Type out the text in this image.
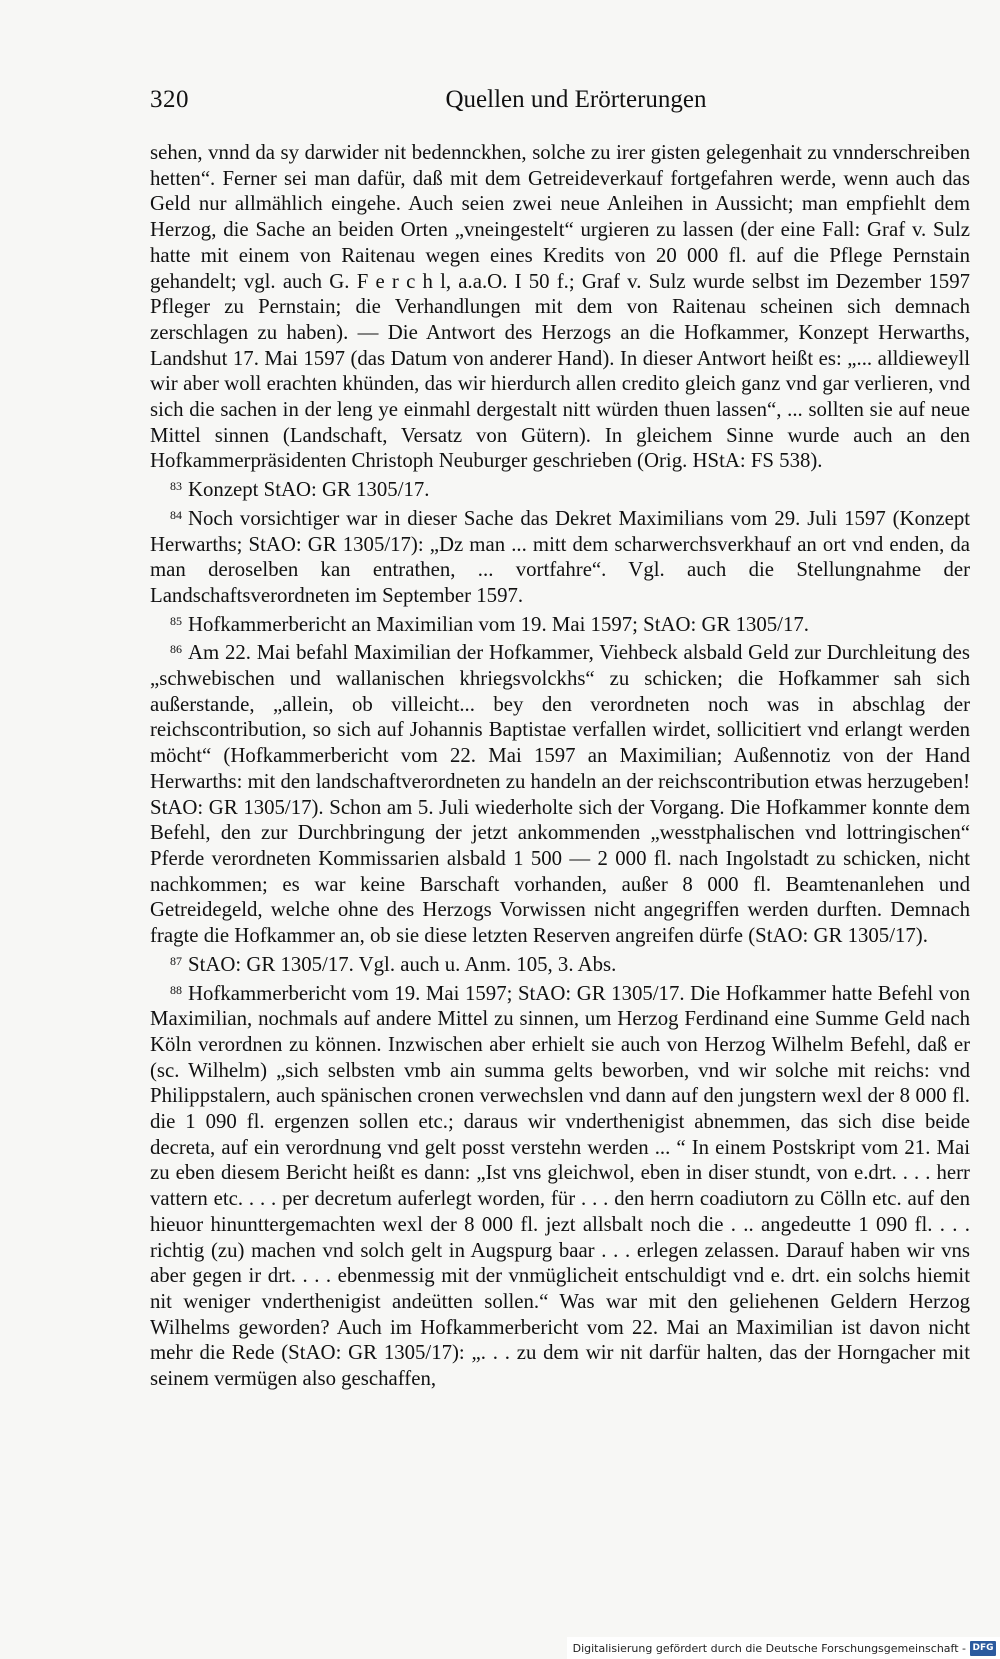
320	Quellen und Erörterungen

sehen, vnnd da sy darwider nit bedennckhen, solche zu irer gisten gelegenhait zu vnnderschreiben hetten“. Ferner sei man dafür, daß mit dem Getreideverkauf fortgefahren werde, wenn auch das Geld nur allmählich eingehe. Auch seien zwei neue Anleihen in Aussicht; man empfiehlt dem Herzog, die Sache an beiden Orten „vneingestelt“ urgieren zu lassen (der eine Fall: Graf v. Sulz hatte mit einem von Raitenau wegen eines Kredits von 20 000 fl. auf die Pflege Pernstain gehandelt; vgl. auch G. F e r c h l, a.a.O. I 50 f.; Graf v. Sulz wurde selbst im Dezember 1597 Pfleger zu Pernstain; die Verhandlungen mit dem von Raitenau scheinen sich demnach zerschlagen zu haben). — Die Antwort des Herzogs an die Hofkammer, Konzept Herwarths, Landshut 17. Mai 1597 (das Datum von anderer Hand). In dieser Antwort heißt es: „... alldieweyll wir aber woll erachten khünden, das wir hierdurch allen credito gleich ganz vnd gar verlieren, vnd sich die sachen in der leng ye einmahl dergestalt nitt würden thuen lassen“, ... sollten sie auf neue Mittel sinnen (Landschaft, Versatz von Gütern). In gleichem Sinne wurde auch an den Hofkammerpräsidenten Christoph Neuburger geschrieben (Orig. HStA: FS 538).

$^{83}$ Konzept StAO: GR 1305/17.

$^{84}$ Noch vorsichtiger war in dieser Sache das Dekret Maximilians vom 29. Juli 1597 (Konzept Herwarths; StAO: GR 1305/17): „Dz man ... mitt dem scharwerchsverkhauf an ort vnd enden, da man deroselben kan entrathen, ... vortfahre“. Vgl. auch die Stellungnahme der Landschaftsverordneten im September 1597.

$^{85}$ Hofkammerbericht an Maximilian vom 19. Mai 1597; StAO: GR 1305/17.

$^{86}$ Am 22. Mai befahl Maximilian der Hofkammer, Viehbeck alsbald Geld zur Durchleitung des „schwebischen und wallanischen khriegsvolckhs“ zu schicken; die Hofkammer sah sich außerstande, „allein, ob villeicht... bey den verordneten noch was in abschlag der reichscontribution, so sich auf Johannis Baptistae verfallen wirdet, sollicitiert vnd erlangt werden möcht“ (Hofkammerbericht vom 22. Mai 1597 an Maximilian; Außennotiz von der Hand Herwarths: mit den landschaftverordneten zu handeln an der reichscontribution etwas herzugeben! StAO: GR 1305/17). Schon am 5. Juli wiederholte sich der Vorgang. Die Hofkammer konnte dem Befehl, den zur Durchbringung der jetzt ankommenden „wesstphalischen vnd lottringischen“ Pferde verordneten Kommissarien alsbald 1 500 — 2 000 fl. nach Ingolstadt zu schicken, nicht nachkommen; es war keine Barschaft vorhanden, außer 8 000 fl. Beamtenanlehen und Getreidegeld, welche ohne des Herzogs Vorwissen nicht angegriffen werden durften. Demnach fragte die Hofkammer an, ob sie diese letzten Reserven angreifen dürfe (StAO: GR 1305/17).

$^{87}$ StAO: GR 1305/17. Vgl. auch u. Anm. 105, 3. Abs.

$^{88}$ Hofkammerbericht vom 19. Mai 1597; StAO: GR 1305/17. Die Hofkammer hatte Befehl von Maximilian, nochmals auf andere Mittel zu sinnen, um Herzog Ferdinand eine Summe Geld nach Köln verordnen zu können. Inzwischen aber erhielt sie auch von Herzog Wilhelm Befehl, daß er (sc. Wilhelm) „sich selbsten vmb ain summa gelts beworben, vnd wir solche mit reichs: vnd Philippstalern, auch spänischen cronen verwechslen vnd dann auf den jungstern wexl der 8 000 fl. die 1 090 fl. ergenzen sollen etc.; daraus wir vnderthenigist abnemmen, das sich dise beide decreta, auf ein verordnung vnd gelt posst verstehn werden ... “ In einem Postskript vom 21. Mai zu eben diesem Bericht heißt es dann: „Ist vns gleichwol, eben in diser stundt, von e.drt. . . . herr vattern etc. . . . per decretum auferlegt worden, für . . . den herrn coadiutorn zu Cölln etc. auf den hieuor hinunttergemachten wexl der 8 000 fl. jezt allsbalt noch die . .. angedeutte 1 090 fl. . . . richtig (zu) machen vnd solch gelt in Augspurg baar . . . erlegen zelassen. Darauf haben wir vns aber gegen ir drt. . . . ebenmessig mit der vnmüglicheit entschuldigt vnd e. drt. ein solchs hiemit nit weniger vnderthenigist andeütten sollen.“ Was war mit den geliehenen Geldern Herzog Wilhelms geworden? Auch im Hofkammerbericht vom 22. Mai an Maximilian ist davon nicht mehr die Rede (StAO: GR 1305/17): „. . . zu dem wir nit darfür halten, das der Horngacher mit seinem vermügen also geschaffen,

Digitalisierung gefördert durch die Deutsche Forschungsgemeinschaft - DFG
